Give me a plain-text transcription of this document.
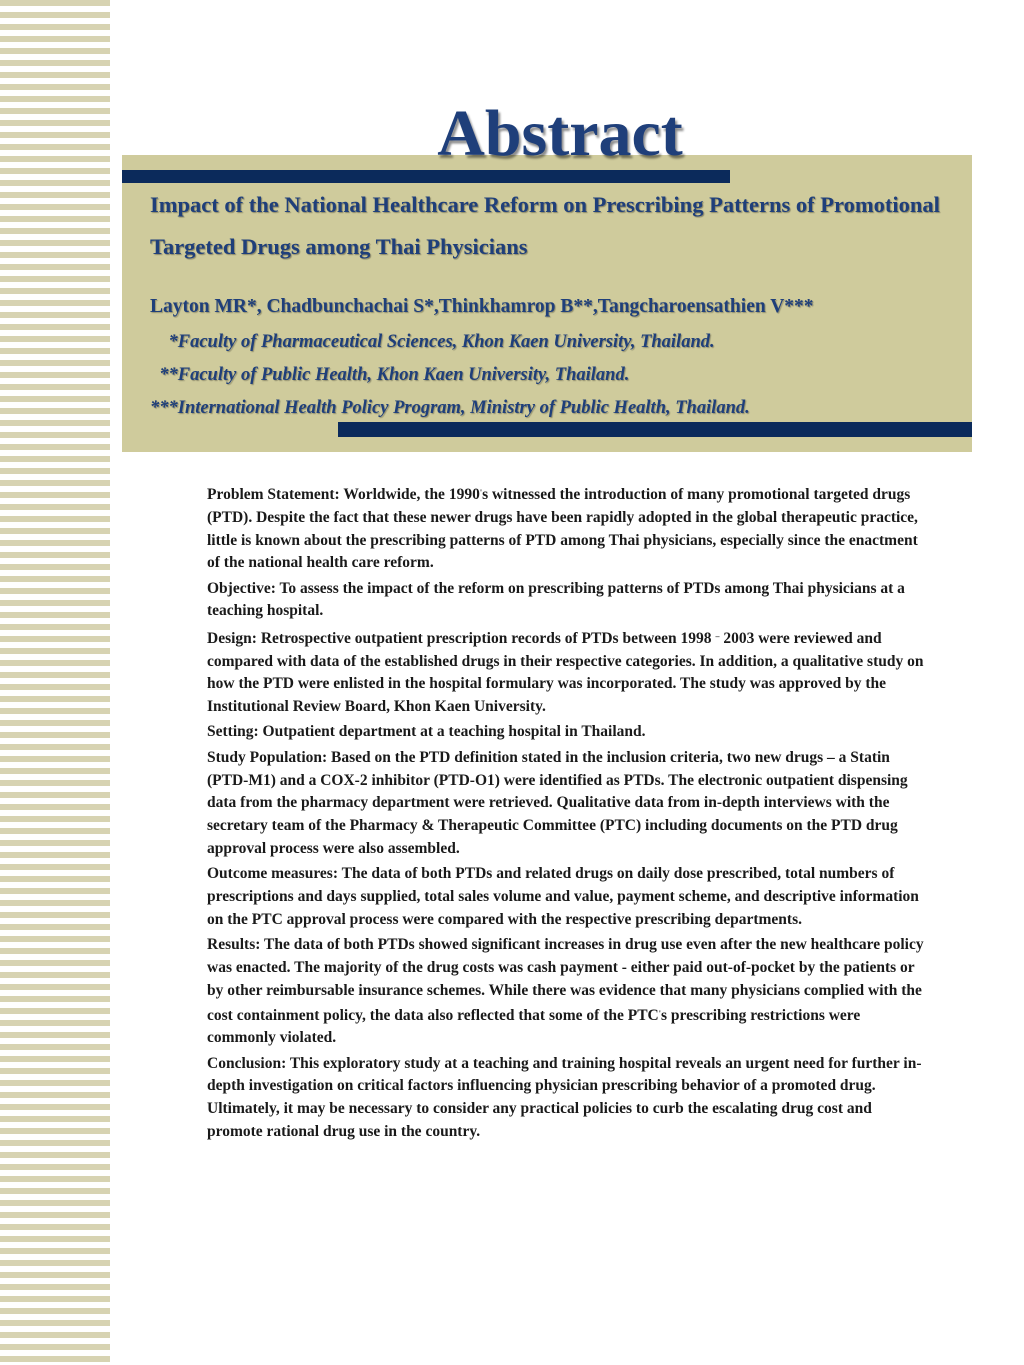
Abstract

Impact of the National Healthcare Reform on Prescribing Patterns of Promotional Targeted Drugs among Thai Physicians

Layton MR*, Chadbunchachai S*,Thinkhamrop B**,Tangcharoensathien V***

*Faculty of Pharmaceutical Sciences, Khon Kaen University, Thailand.

**Faculty of Public Health, Khon Kaen University, Thailand.

***International Health Policy Program, Ministry of Public Health, Thailand.

Problem Statement: Worldwide, the 1990's witnessed the introduction of many promotional targeted drugs (PTD). Despite the fact that these newer drugs have been rapidly adopted in the global therapeutic practice, little is known about the prescribing patterns of PTD among Thai physicians, especially since the enactment of the national health care reform.

Objective: To assess the impact of the reform on prescribing patterns of PTDs among Thai physicians at a teaching hospital.

Design: Retrospective outpatient prescription records of PTDs between 1998 – 2003 were reviewed and compared with data of the established drugs in their respective categories. In addition, a qualitative study on how the PTD were enlisted in the hospital formulary was incorporated. The study was approved by the Institutional Review Board, Khon Kaen University.

Setting: Outpatient department at a teaching hospital in Thailand.

Study Population: Based on the PTD definition stated in the inclusion criteria, two new drugs – a Statin (PTD-M1) and a COX-2 inhibitor (PTD-O1) were identified as PTDs. The electronic outpatient dispensing data from the pharmacy department were retrieved. Qualitative data from in-depth interviews with the secretary team of the Pharmacy & Therapeutic Committee (PTC) including documents on the PTD drug approval process were also assembled.

Outcome measures: The data of both PTDs and related drugs on daily dose prescribed, total numbers of prescriptions and days supplied, total sales volume and value, payment scheme, and descriptive information on the PTC approval process were compared with the respective prescribing departments.

Results: The data of both PTDs showed significant increases in drug use even after the new healthcare policy was enacted. The majority of the drug costs was cash payment - either paid out-of-pocket by the patients or by other reimbursable insurance schemes. While there was evidence that many physicians complied with the cost containment policy, the data also reflected that some of the PTC's prescribing restrictions were commonly violated.

Conclusion: This exploratory study at a teaching and training hospital reveals an urgent need for further in-depth investigation on critical factors influencing physician prescribing behavior of a promoted drug. Ultimately, it may be necessary to consider any practical policies to curb the escalating drug cost and promote rational drug use in the country.
